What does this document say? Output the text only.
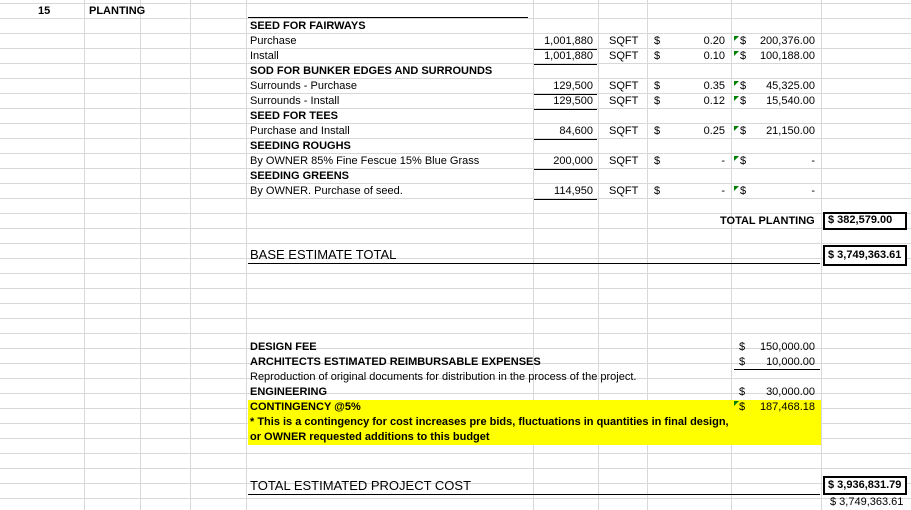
15	PLANTING
SEED FOR FAIRWAYS
Purchase	1,001,880 SQFT $	0.20 $	200,376.00
Install	1,001,880 SQFT $	0.10 $	100,188.00
SOD FOR BUNKER EDGES AND SURROUNDS
Surrounds - Purchase	129,500 SQFT $	0.35 $	45,325.00
Surrounds - Install	129,500 SQFT $	0.12 $	15,540.00
SEED FOR TEES
Purchase and Install	84,600 SQFT $	0.25 $	21,150.00
SEEDING ROUGHS
By OWNER 85% Fine Fescue 15% Blue Grass	200,000 SQFT $	- $	-
SEEDING GREENS
By OWNER. Purchase of seed.	114,950 SQFT $	- $	-
TOTAL PLANTING	$ 382,579.00
BASE ESTIMATE TOTAL	$ 3,749,363.61
DESIGN FEE	$	150,000.00
ARCHITECTS ESTIMATED REIMBURSABLE EXPENSES	$	10,000.00
Reproduction of original documents for distribution in the process of the project.
ENGINEERING	$	30,000.00
CONTINGENCY @5%	$	187,468.18
* This is a contingency for cost increases pre bids, fluctuations in quantities in final design,
or OWNER requested additions to this budget
TOTAL ESTIMATED PROJECT COST	$ 3,936,831.79
$ 3,749,363.61
